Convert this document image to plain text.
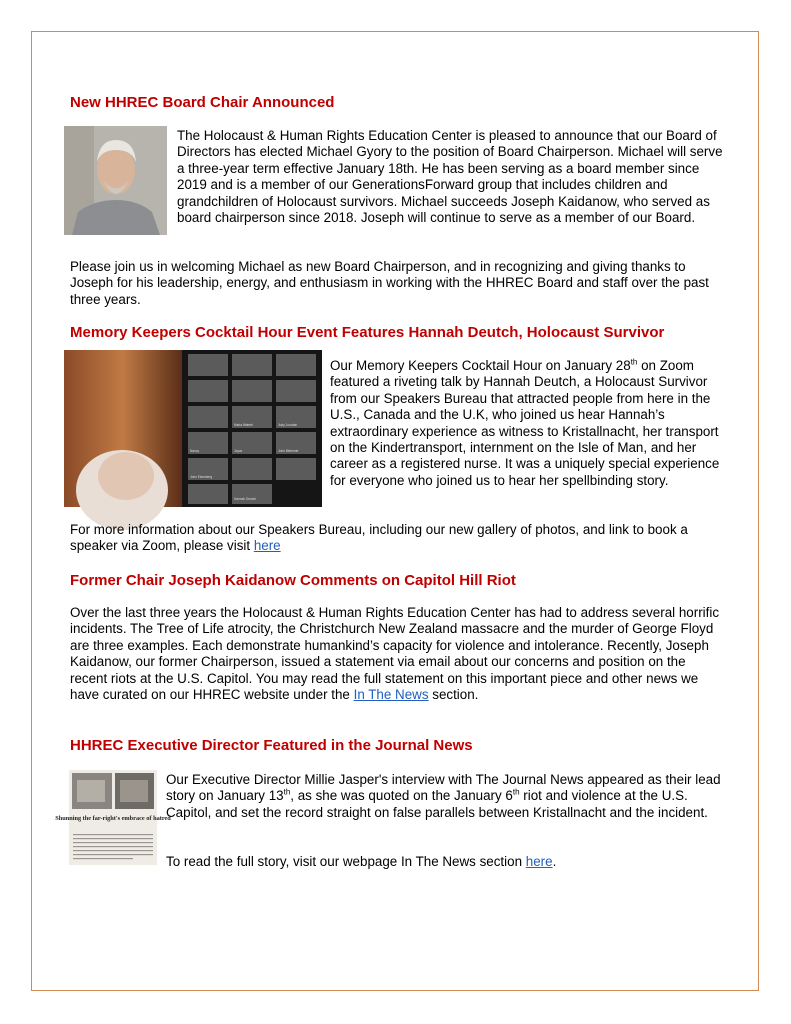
New HHREC Board Chair Announced

The Holocaust & Human Rights Education Center is pleased to announce that our Board of Directors has elected Michael Gyory to the position of Board Chairperson. Michael will serve a three-year term effective January 18th. He has been serving as a board member since 2019 and is a member of our GenerationsForward group that includes children and grandchildren of Holocaust survivors. Michael succeeds Joseph Kaidanow, who served as board chairperson since 2018. Joseph will continue to serve as a member of our Board.

Please join us in welcoming Michael as new Board Chairperson, and in recognizing and giving thanks to Joseph for his leadership, energy, and enthusiasm in working with the HHREC Board and staff over the past three years.

Memory Keepers Cocktail Hour Event Features Hannah Deutch, Holocaust Survivor
Maria Waterb	Judy Jourdan
Nancy	Joyce	John Blemmer
John Elsenberg
Hannah Deutch

Our Memory Keepers Cocktail Hour on January 28th on Zoom featured a riveting talk by Hannah Deutch, a Holocaust Survivor from our Speakers Bureau that attracted people from here in the U.S., Canada and the U.K, who joined us hear Hannah’s extraordinary experience as witness to Kristallnacht, her transport on the Kindertransport, internment on the Isle of Man, and her career as a registered nurse. It was a uniquely special experience for everyone who joined us to hear her spellbinding story.

For more information about our Speakers Bureau, including our new gallery of photos, and link to book a speaker via Zoom, please visit here

Former Chair Joseph Kaidanow Comments on Capitol Hill Riot

Over the last three years the Holocaust & Human Rights Education Center has had to address several horrific incidents. The Tree of Life atrocity, the Christchurch New Zealand massacre and the murder of George Floyd are three examples. Each demonstrate humankind’s capacity for violence and intolerance. Recently, Joseph Kaidanow, our former Chairperson, issued a statement via email about our concerns and position on the recent riots at the U.S. Capitol. You may read the full statement on this important piece and other news we have curated on our HHREC website under the In The News section.

HHREC Executive Director Featured in the Journal News
Shunning the far-right's embrace of hatred

Our Executive Director Millie Jasper's interview with The Journal News appeared as their lead story on January 13th, as she was quoted on the January 6th riot and violence at the U.S. Capitol, and set the record straight on false parallels between Kristallnacht and the incident.

To read the full story, visit our webpage In The News section here.
